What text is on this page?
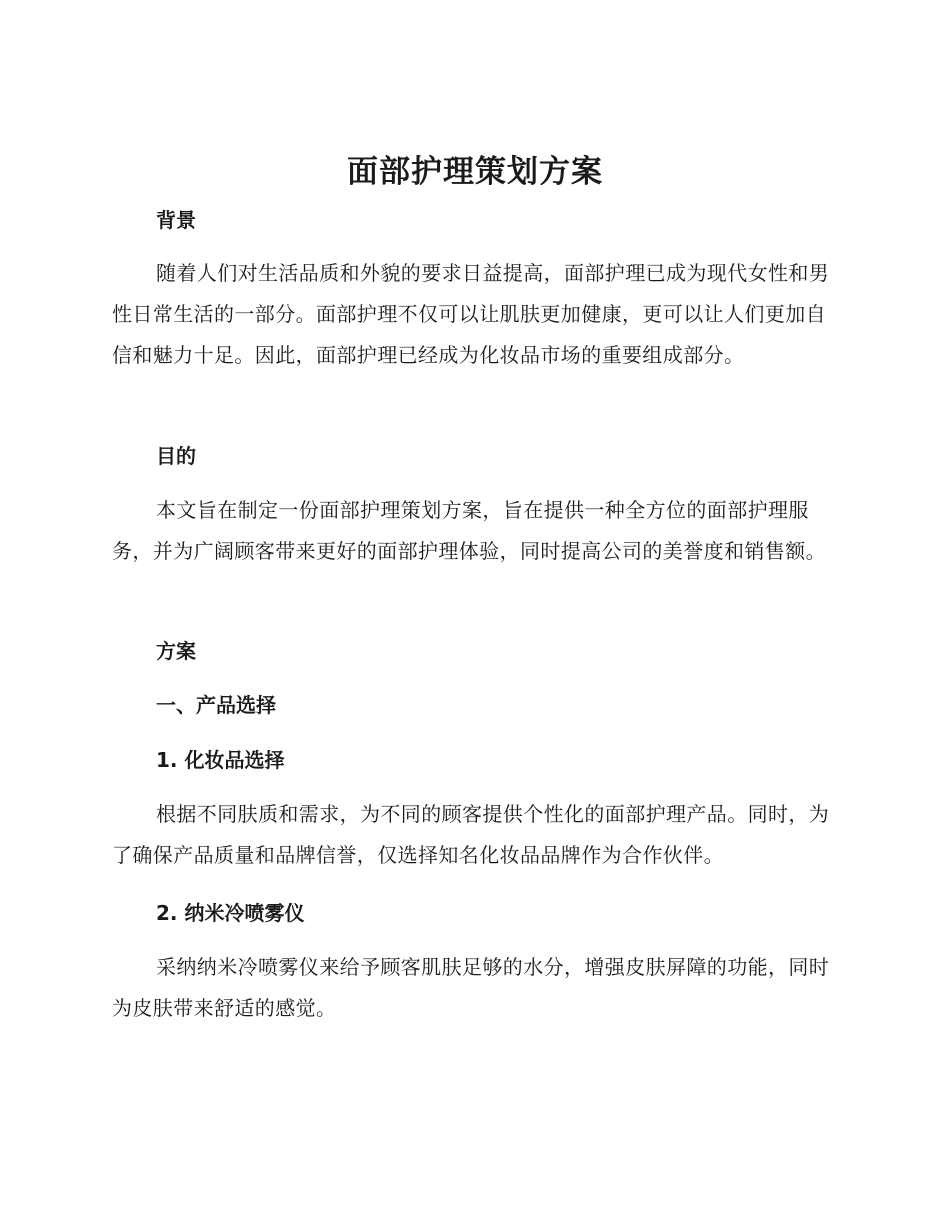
面部护理策划方案
背景

随着人们对生活品质和外貌的要求日益提高，面部护理已成为现代女性和男性日常生活的一部分。面部护理不仅可以让肌肤更加健康，更可以让人们更加自信和魅力十足。因此，面部护理已经成为化妆品市场的重要组成部分。

目的

本文旨在制定一份面部护理策划方案，旨在提供一种全方位的面部护理服务，并为广阔顾客带来更好的面部护理体验，同时提高公司的美誉度和销售额。

方案
一、产品选择
1. 化妆品选择

根据不同肤质和需求，为不同的顾客提供个性化的面部护理产品。同时，为了确保产品质量和品牌信誉，仅选择知名化妆品品牌作为合作伙伴。

2. 纳米冷喷雾仪

采纳纳米冷喷雾仪来给予顾客肌肤足够的水分，增强皮肤屏障的功能，同时为皮肤带来舒适的感觉。
